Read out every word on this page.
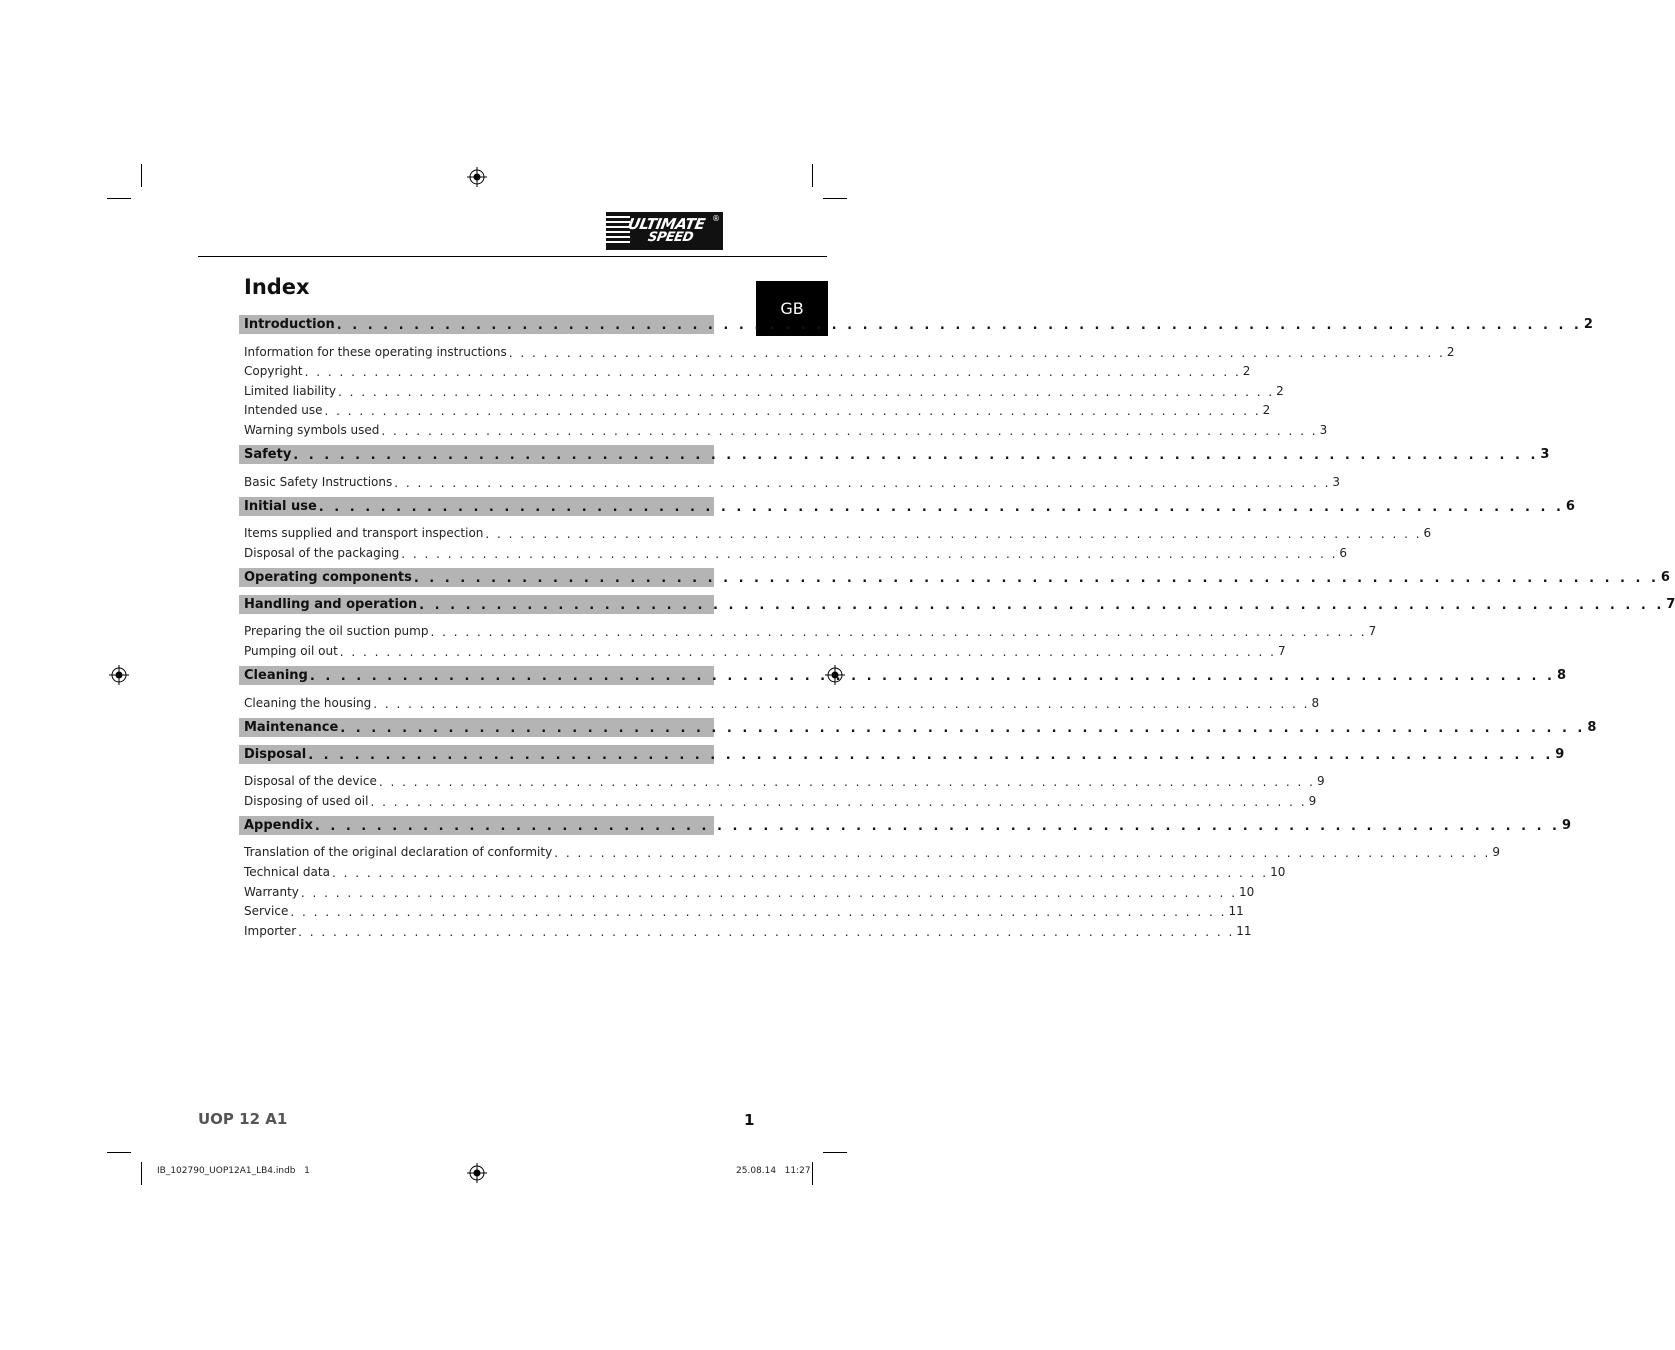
ULTIMATE
SPEED
®
GB
Index
Introduction . . . . . . . . . . . . . . . . . . . . . . . . . . . . . . . . . . . . . . . . . . . . . . . . . . . . . . . . . . . . . . . . . . . . . . . . . . . . . . . . . 2
Information for these operating instructions . . . . . . . . . . . . . . . . . . . . . . . . . . . . . . . . . . . . . . . . . . . . . . . . . . . . . . . . . . . . . . . . . . . . . . . . . . . . . . . . . 2
Copyright . . . . . . . . . . . . . . . . . . . . . . . . . . . . . . . . . . . . . . . . . . . . . . . . . . . . . . . . . . . . . . . . . . . . . . . . . . . . . . . . . 2
Limited liability . . . . . . . . . . . . . . . . . . . . . . . . . . . . . . . . . . . . . . . . . . . . . . . . . . . . . . . . . . . . . . . . . . . . . . . . . . . . . . . . . 2
Intended use . . . . . . . . . . . . . . . . . . . . . . . . . . . . . . . . . . . . . . . . . . . . . . . . . . . . . . . . . . . . . . . . . . . . . . . . . . . . . . . . . 2
Warning symbols used . . . . . . . . . . . . . . . . . . . . . . . . . . . . . . . . . . . . . . . . . . . . . . . . . . . . . . . . . . . . . . . . . . . . . . . . . . . . . . . . . 3
Safety . . . . . . . . . . . . . . . . . . . . . . . . . . . . . . . . . . . . . . . . . . . . . . . . . . . . . . . . . . . . . . . . . . . . . . . . . . . . . . . . . 3
Basic Safety Instructions . . . . . . . . . . . . . . . . . . . . . . . . . . . . . . . . . . . . . . . . . . . . . . . . . . . . . . . . . . . . . . . . . . . . . . . . . . . . . . . . . 3
Initial use . . . . . . . . . . . . . . . . . . . . . . . . . . . . . . . . . . . . . . . . . . . . . . . . . . . . . . . . . . . . . . . . . . . . . . . . . . . . . . . . . 6
Items supplied and transport inspection . . . . . . . . . . . . . . . . . . . . . . . . . . . . . . . . . . . . . . . . . . . . . . . . . . . . . . . . . . . . . . . . . . . . . . . . . . . . . . . . . 6
Disposal of the packaging . . . . . . . . . . . . . . . . . . . . . . . . . . . . . . . . . . . . . . . . . . . . . . . . . . . . . . . . . . . . . . . . . . . . . . . . . . . . . . . . . 6
Operating components . . . . . . . . . . . . . . . . . . . . . . . . . . . . . . . . . . . . . . . . . . . . . . . . . . . . . . . . . . . . . . . . . . . . . . . . . . . . . . . . . 6
Handling and operation . . . . . . . . . . . . . . . . . . . . . . . . . . . . . . . . . . . . . . . . . . . . . . . . . . . . . . . . . . . . . . . . . . . . . . . . . . . . . . . . . 7
Preparing the oil suction pump . . . . . . . . . . . . . . . . . . . . . . . . . . . . . . . . . . . . . . . . . . . . . . . . . . . . . . . . . . . . . . . . . . . . . . . . . . . . . . . . . 7
Pumping oil out . . . . . . . . . . . . . . . . . . . . . . . . . . . . . . . . . . . . . . . . . . . . . . . . . . . . . . . . . . . . . . . . . . . . . . . . . . . . . . . . . 7
Cleaning . . . . . . . . . . . . . . . . . . . . . . . . . . . . . . . . . . . . . . . . . . . . . . . . . . . . . . . . . . . . . . . . . . . . . . . . . . . . . . . . . 8
Cleaning the housing . . . . . . . . . . . . . . . . . . . . . . . . . . . . . . . . . . . . . . . . . . . . . . . . . . . . . . . . . . . . . . . . . . . . . . . . . . . . . . . . . 8
Maintenance . . . . . . . . . . . . . . . . . . . . . . . . . . . . . . . . . . . . . . . . . . . . . . . . . . . . . . . . . . . . . . . . . . . . . . . . . . . . . . . . . 8
Disposal . . . . . . . . . . . . . . . . . . . . . . . . . . . . . . . . . . . . . . . . . . . . . . . . . . . . . . . . . . . . . . . . . . . . . . . . . . . . . . . . . 9
Disposal of the device . . . . . . . . . . . . . . . . . . . . . . . . . . . . . . . . . . . . . . . . . . . . . . . . . . . . . . . . . . . . . . . . . . . . . . . . . . . . . . . . . 9
Disposing of used oil . . . . . . . . . . . . . . . . . . . . . . . . . . . . . . . . . . . . . . . . . . . . . . . . . . . . . . . . . . . . . . . . . . . . . . . . . . . . . . . . . 9
Appendix . . . . . . . . . . . . . . . . . . . . . . . . . . . . . . . . . . . . . . . . . . . . . . . . . . . . . . . . . . . . . . . . . . . . . . . . . . . . . . . . . 9
Translation of the original declaration of conformity . . . . . . . . . . . . . . . . . . . . . . . . . . . . . . . . . . . . . . . . . . . . . . . . . . . . . . . . . . . . . . . . . . . . . . . . . . . . . . . . . 9
Technical data . . . . . . . . . . . . . . . . . . . . . . . . . . . . . . . . . . . . . . . . . . . . . . . . . . . . . . . . . . . . . . . . . . . . . . . . . . . . . . . . . 10
Warranty . . . . . . . . . . . . . . . . . . . . . . . . . . . . . . . . . . . . . . . . . . . . . . . . . . . . . . . . . . . . . . . . . . . . . . . . . . . . . . . . . 10
Service . . . . . . . . . . . . . . . . . . . . . . . . . . . . . . . . . . . . . . . . . . . . . . . . . . . . . . . . . . . . . . . . . . . . . . . . . . . . . . . . . 11
Importer . . . . . . . . . . . . . . . . . . . . . . . . . . . . . . . . . . . . . . . . . . . . . . . . . . . . . . . . . . . . . . . . . . . . . . . . . . . . . . . . . 11
UOP 12 A1	1
IB_102790_UOP12A1_LB4.indb   1	25.08.14   11:27
